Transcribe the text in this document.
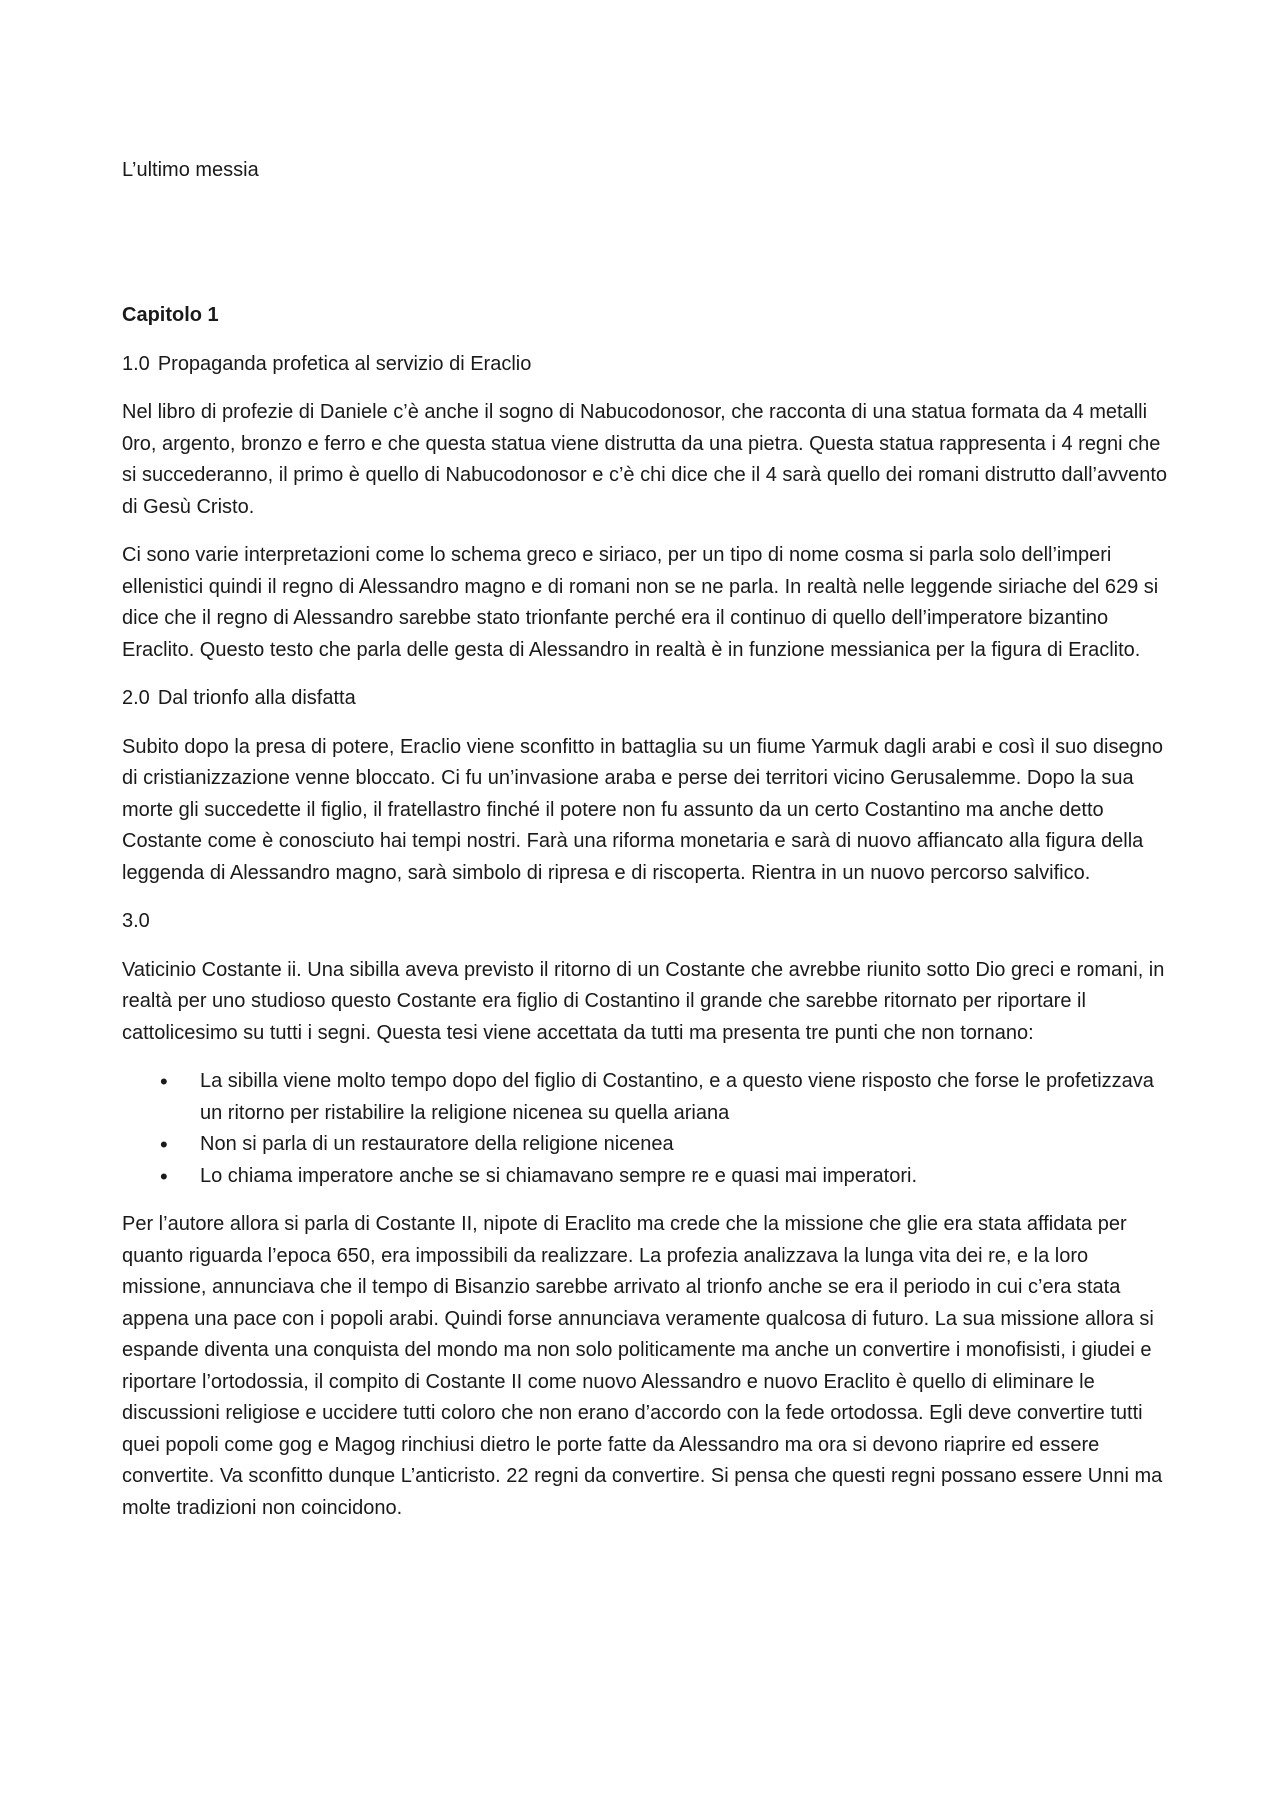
L’ultimo messia

Capitolo 1

1.0 Propaganda profetica al servizio di Eraclio

Nel libro di profezie di Daniele c’è anche il sogno di Nabucodonosor, che racconta di una statua formata da 4 metalli 0ro, argento, bronzo e ferro e che questa statua viene distrutta da una pietra. Questa statua rappresenta i 4 regni che si succederanno, il primo è quello di Nabucodonosor e c’è chi dice che il 4 sarà quello dei romani distrutto dall’avvento di Gesù Cristo.

Ci sono varie interpretazioni come lo schema greco e siriaco, per un tipo di nome cosma si parla solo dell’imperi ellenistici quindi il regno di Alessandro magno e di romani non se ne parla. In realtà nelle leggende siriache del 629 si dice che il regno di Alessandro sarebbe stato trionfante perché era il continuo di quello dell’imperatore bizantino Eraclito. Questo testo che parla delle gesta di Alessandro in realtà è in funzione messianica per la figura di Eraclito.

2.0 Dal trionfo alla disfatta

Subito dopo la presa di potere, Eraclio viene sconfitto in battaglia su un fiume Yarmuk dagli arabi e così il suo disegno di cristianizzazione venne bloccato. Ci fu un’invasione araba e perse dei territori vicino Gerusalemme. Dopo la sua morte gli succedette il figlio, il fratellastro finché il potere non fu assunto da un certo Costantino ma anche detto Costante come è conosciuto hai tempi nostri. Farà una riforma monetaria e sarà di nuovo affiancato alla figura della leggenda di Alessandro magno, sarà simbolo di ripresa e di riscoperta. Rientra in un nuovo percorso salvifico.

3.0

Vaticinio Costante ii. Una sibilla aveva previsto il ritorno di un Costante che avrebbe riunito sotto Dio greci e romani, in realtà per uno studioso questo Costante era figlio di Costantino il grande che sarebbe ritornato per riportare il cattolicesimo su tutti i segni. Questa tesi viene accettata da tutti ma presenta tre punti che non tornano:

• La sibilla viene molto tempo dopo del figlio di Costantino, e a questo viene risposto che forse le profetizzava un ritorno per ristabilire la religione nicenea su quella ariana
• Non si parla di un restauratore della religione nicenea
• Lo chiama imperatore anche se si chiamavano sempre re e quasi mai imperatori.

Per l’autore allora si parla di Costante II, nipote di Eraclito ma crede che la missione che glie era stata affidata per quanto riguarda l’epoca 650, era impossibili da realizzare. La profezia analizzava la lunga vita dei re, e la loro missione, annunciava che il tempo di Bisanzio sarebbe arrivato al trionfo anche se era il periodo in cui c’era stata appena una pace con i popoli arabi. Quindi forse annunciava veramente qualcosa di futuro. La sua missione allora si espande diventa una conquista del mondo ma non solo politicamente ma anche un convertire i monofisisti, i giudei e riportare l’ortodossia, il compito di Costante II come nuovo Alessandro e nuovo Eraclito è quello di eliminare le discussioni religiose e uccidere tutti coloro che non erano d’accordo con la fede ortodossa. Egli deve convertire tutti quei popoli come gog e Magog rinchiusi dietro le porte fatte da Alessandro ma ora si devono riaprire ed essere convertite. Va sconfitto dunque L’anticristo. 22 regni da convertire. Si pensa che questi regni possano essere Unni ma molte tradizioni non coincidono.
